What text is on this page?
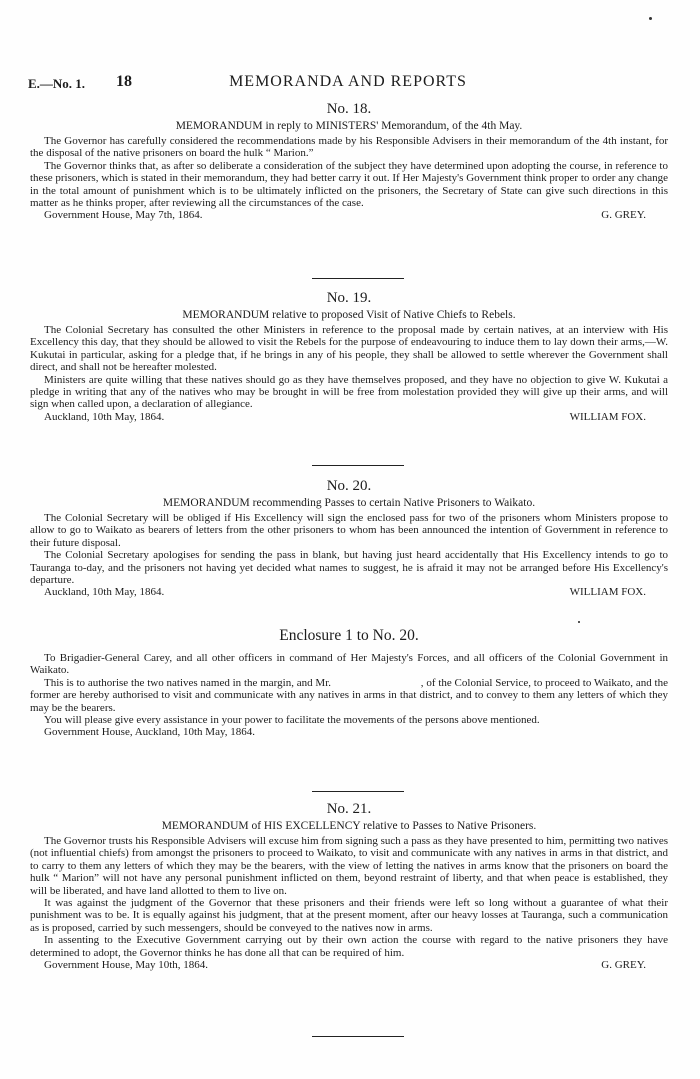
E.—No. 1. 18	MEMORANDA AND REPORTS
No. 18.
MEMORANDUM in reply to MINISTERS' Memorandum, of the 4th May.

The Governor has carefully considered the recommendations made by his Responsible Advisers in their memorandum of the 4th instant, for the disposal of the native prisoners on board the hulk “ Marion.”

The Governor thinks that, as after so deliberate a consideration of the subject they have determined upon adopting the course, in reference to these prisoners, which is stated in their memorandum, they had better carry it out. If Her Majesty's Government think proper to order any change in the total amount of punishment which is to be ultimately inflicted on the prisoners, the Secretary of State can give such directions in this matter as he thinks proper, after reviewing all the circumstances of the case.

Government House, May 7th, 1864.	G. GREY.
No. 19.
MEMORANDUM relative to proposed Visit of Native Chiefs to Rebels.

The Colonial Secretary has consulted the other Ministers in reference to the proposal made by certain natives, at an interview with His Excellency this day, that they should be allowed to visit the Rebels for the purpose of endeavouring to induce them to lay down their arms,—W. Kukutai in particular, asking for a pledge that, if he brings in any of his people, they shall be allowed to settle wherever the Government shall direct, and shall not be hereafter molested.

Ministers are quite willing that these natives should go as they have themselves proposed, and they have no objection to give W. Kukutai a pledge in writing that any of the natives who may be brought in will be free from molestation provided they will give up their arms, and will sign when called upon, a declaration of allegiance.

Auckland, 10th May, 1864.	WILLIAM FOX.
No. 20.
MEMORANDUM recommending Passes to certain Native Prisoners to Waikato.

The Colonial Secretary will be obliged if His Excellency will sign the enclosed pass for two of the prisoners whom Ministers propose to allow to go to Waikato as bearers of letters from the other prisoners to whom has been announced the intention of Government in reference to their future disposal.

The Colonial Secretary apologises for sending the pass in blank, but having just heard accidentally that His Excellency intends to go to Tauranga to-day, and the prisoners not having yet decided what names to suggest, he is afraid it may not be arranged before His Excellency's departure.

Auckland, 10th May, 1864.	WILLIAM FOX.
Enclosure 1 to No. 20.

To Brigadier-General Carey, and all other officers in command of Her Majesty's Forces, and all officers of the Colonial Government in Waikato.

This is to authorise the two natives named in the margin, and Mr.                                , of the Colonial Service, to proceed to Waikato, and the former are hereby authorised to visit and communicate with any natives in arms in that district, and to convey to them any letters of which they may be the bearers.

You will please give every assistance in your power to facilitate the movements of the persons above mentioned.

Government House, Auckland, 10th May, 1864.
No. 21.
MEMORANDUM of HIS EXCELLENCY relative to Passes to Native Prisoners.

The Governor trusts his Responsible Advisers will excuse him from signing such a pass as they have presented to him, permitting two natives (not influential chiefs) from amongst the prisoners to proceed to Waikato, to visit and communicate with any natives in arms in that district, and to carry to them any letters of which they may be the bearers, with the view of letting the natives in arms know that the prisoners on board the hulk “ Marion” will not have any personal punishment inflicted on them, beyond restraint of liberty, and that when peace is established, they will be liberated, and have land allotted to them to live on.

It was against the judgment of the Governor that these prisoners and their friends were left so long without a guarantee of what their punishment was to be. It is equally against his judgment, that at the present moment, after our heavy losses at Tauranga, such a communication as is proposed, carried by such messengers, should be conveyed to the natives now in arms.

In assenting to the Executive Government carrying out by their own action the course with regard to the native prisoners they have determined to adopt, the Governor thinks he has done all that can be required of him.

Government House, May 10th, 1864.	G. GREY.
